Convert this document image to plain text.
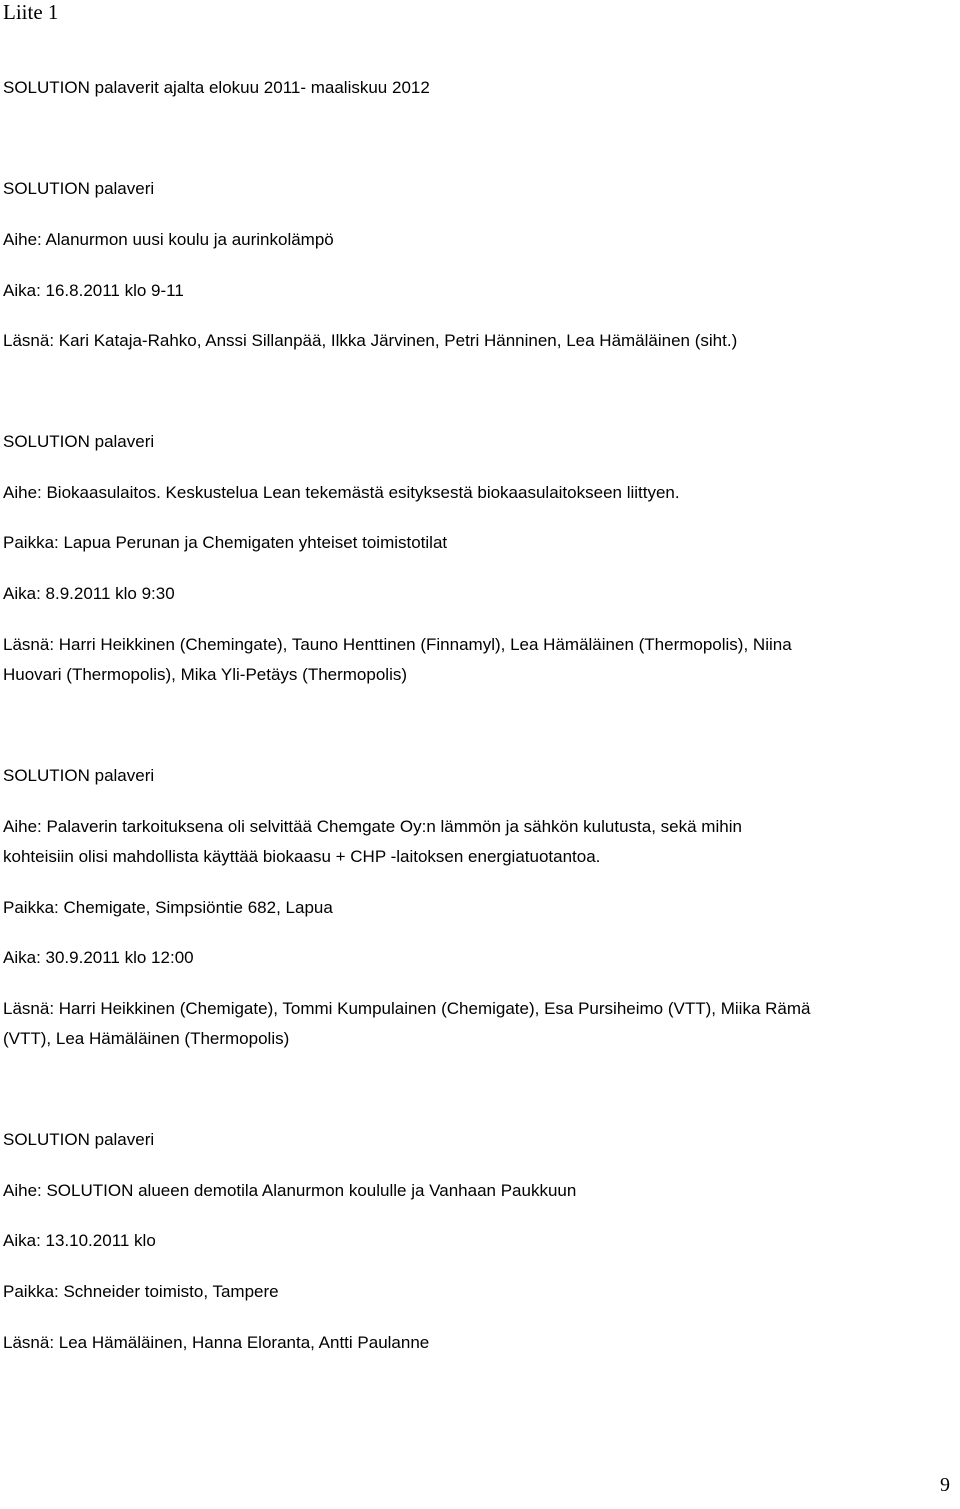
Liite 1
SOLUTION palaverit ajalta elokuu 2011- maaliskuu 2012
SOLUTION palaveri
Aihe: Alanurmon uusi koulu ja aurinkolämpö
Aika: 16.8.2011 klo 9-11
Läsnä: Kari Kataja-Rahko, Anssi Sillanpää, Ilkka Järvinen, Petri Hänninen, Lea Hämäläinen (siht.)
SOLUTION palaveri
Aihe: Biokaasulaitos. Keskustelua Lean tekemästä esityksestä biokaasulaitokseen liittyen.
Paikka: Lapua Perunan ja Chemigaten yhteiset toimistotilat
Aika: 8.9.2011 klo 9:30
Läsnä: Harri Heikkinen (Chemingate), Tauno Henttinen (Finnamyl), Lea Hämäläinen (Thermopolis), Niina
Huovari (Thermopolis), Mika Yli-Petäys (Thermopolis)
SOLUTION palaveri
Aihe: Palaverin tarkoituksena oli selvittää Chemgate Oy:n lämmön ja sähkön kulutusta, sekä mihin
kohteisiin olisi mahdollista käyttää biokaasu + CHP -laitoksen energiatuotantoa.
Paikka: Chemigate, Simpsiöntie 682, Lapua
Aika: 30.9.2011 klo 12:00
Läsnä: Harri Heikkinen (Chemigate), Tommi Kumpulainen (Chemigate), Esa Pursiheimo (VTT), Miika Rämä
(VTT), Lea Hämäläinen (Thermopolis)
SOLUTION palaveri
Aihe: SOLUTION alueen demotila Alanurmon koululle ja Vanhaan Paukkuun
Aika: 13.10.2011 klo
Paikka: Schneider toimisto, Tampere
Läsnä: Lea Hämäläinen, Hanna Eloranta, Antti Paulanne
9
